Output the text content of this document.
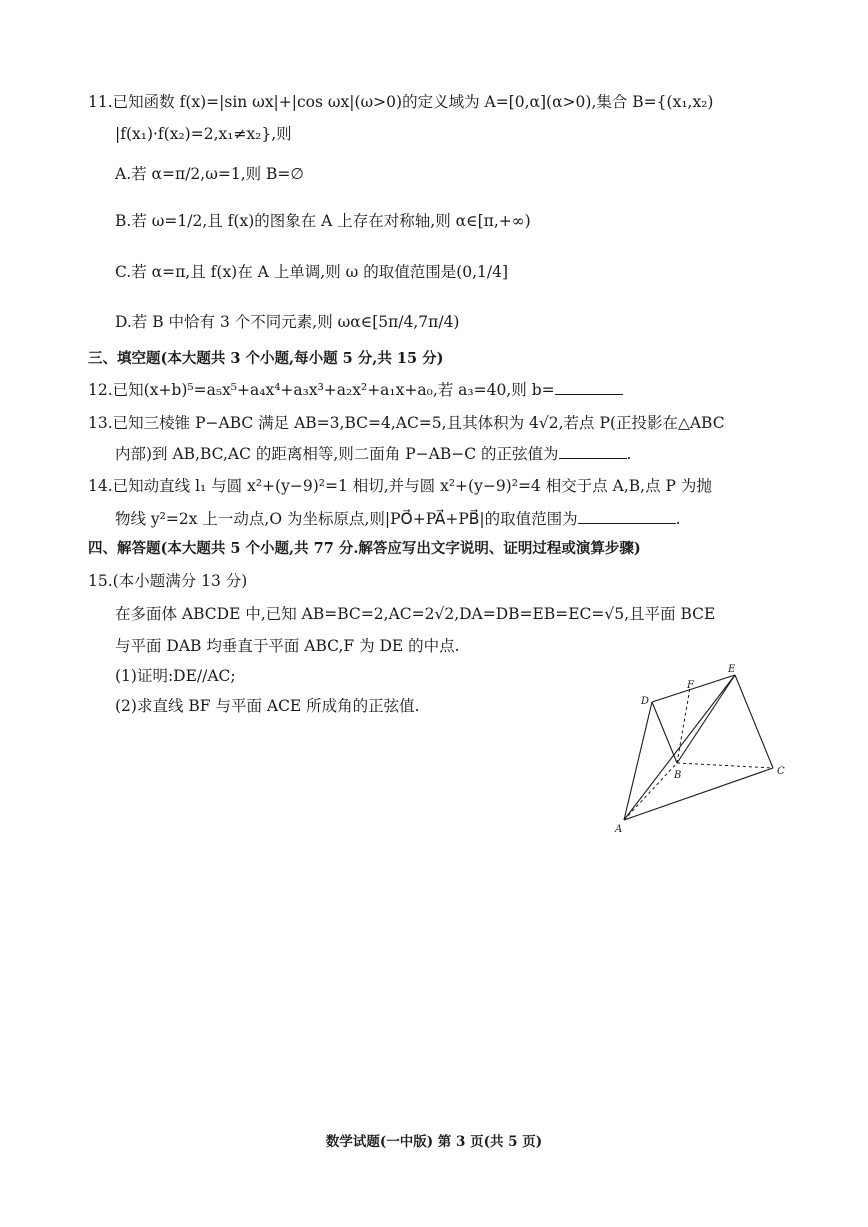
11.已知函数 f(x)=|sin ωx|+|cos ωx|(ω>0)的定义域为 A=[0,α](α>0),集合 B={(x₁,x₂)
|f(x₁)·f(x₂)=2,x₁≠x₂},则
A.若 α=π/2,ω=1,则 B=∅
B.若 ω=1/2,且 f(x)的图象在 A 上存在对称轴,则 α∈[π,+∞)
C.若 α=π,且 f(x)在 A 上单调,则 ω 的取值范围是(0,1/4]
D.若 B 中恰有 3 个不同元素,则 ωα∈[5π/4,7π/4)
三、填空题(本大题共 3 个小题,每小题 5 分,共 15 分)
12.已知(x+b)⁵=a₅x⁵+a₄x⁴+a₃x³+a₂x²+a₁x+a₀,若 a₃=40,则 b=
13.已知三棱锥 P−ABC 满足 AB=3,BC=4,AC=5,且其体积为 4√2,若点 P(正投影在△ABC
内部)到 AB,BC,AC 的距离相等,则二面角 P−AB−C 的正弦值为	.
14.已知动直线 l₁ 与圆 x²+(y−9)²=1 相切,并与圆 x²+(y−9)²=4 相交于点 A,B,点 P 为抛
物线 y²=2x 上一动点,O 为坐标原点,则|PO⃗+PA⃗+PB⃗|的取值范围为	.
四、解答题(本大题共 5 个小题,共 77 分.解答应写出文字说明、证明过程或演算步骤)
15.(本小题满分 13 分)
在多面体 ABCDE 中,已知 AB=BC=2,AC=2√2,DA=DB=EB=EC=√5,且平面 BCE
与平面 DAB 均垂直于平面 ABC,F 为 DE 的中点.
(1)证明:DE//AC;
(2)求直线 BF 与平面 ACE 所成角的正弦值.
A
B	C
D
E
F
数学试题(一中版) 第 3 页(共 5 页)
